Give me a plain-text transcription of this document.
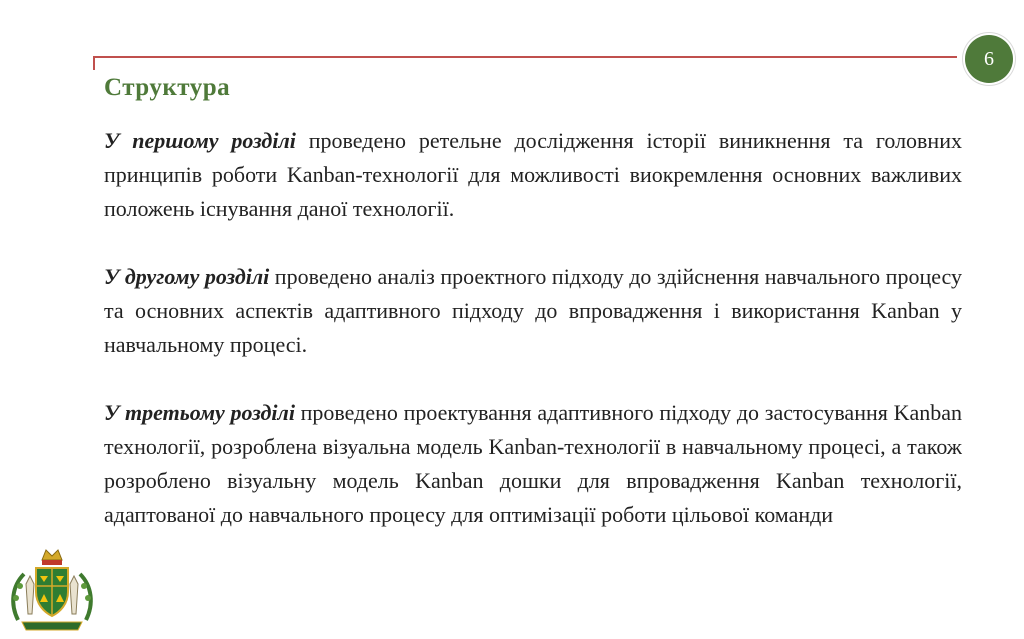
6
Структура

У першому розділі проведено ретельне дослідження історії виникнення та головних принципів роботи Kanban-технології для можливості виокремлення основних важливих положень існування даної технології.

У другому розділі проведено аналіз проектного підходу до здійснення навчального процесу та основних аспектів адаптивного підходу до впровадження і використання Kanban у навчальному процесі.

У третьому розділі проведено проектування адаптивного підходу до застосування Kanban технології, розроблена візуальна модель Kanban-технології в навчальному процесі, а також розроблено візуальну модель Kanban дошки для впровадження Kanban технології, адаптованої до навчального процесу для оптимізації роботи цільової команди
